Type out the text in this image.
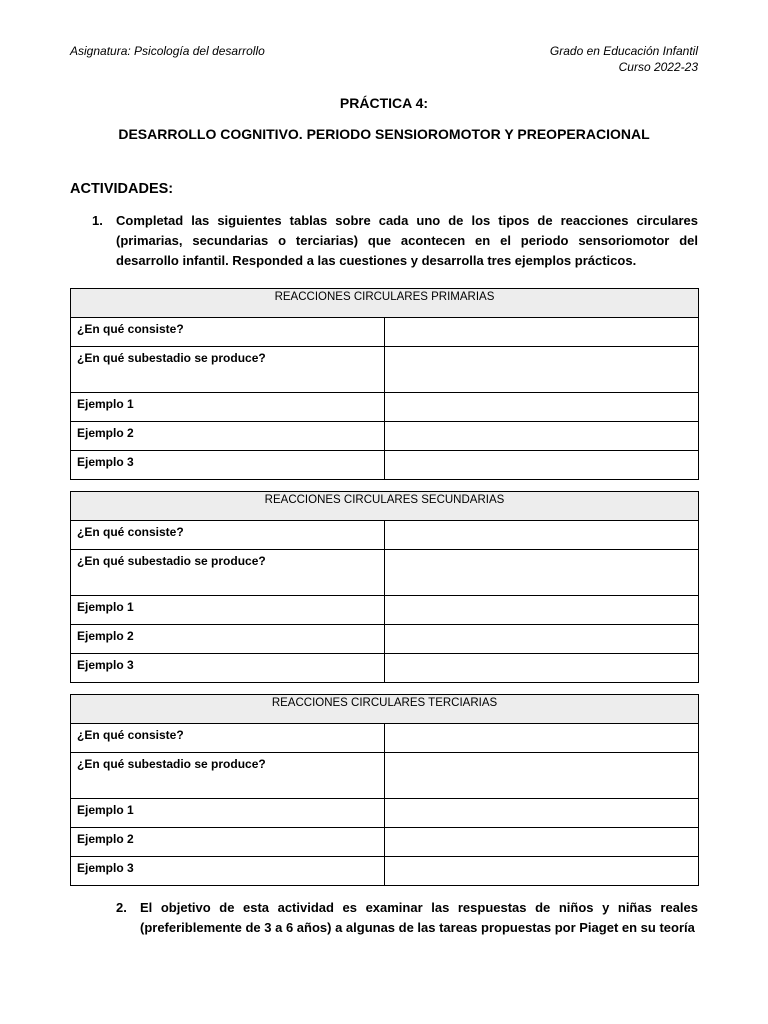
Asignatura: Psicología del desarrollo	Grado en Educación Infantil
Curso 2022-23
PRÁCTICA 4:
DESARROLLO COGNITIVO. PERIODO SENSIOROMOTOR Y PREOPERACIONAL
ACTIVIDADES:
1. Completad las siguientes tablas sobre cada uno de los tipos de reacciones circulares (primarias, secundarias o terciarias) que acontecen en el periodo sensoriomotor del desarrollo infantil. Responded a las cuestiones y desarrolla tres ejemplos prácticos.
REACCIONES CIRCULARES PRIMARIAS	
¿En qué consiste?	
¿En qué subestadio se produce?	
Ejemplo 1	
Ejemplo 2	
Ejemplo 3	
REACCIONES CIRCULARES SECUNDARIAS	
¿En qué consiste?	
¿En qué subestadio se produce?	
Ejemplo 1	
Ejemplo 2	
Ejemplo 3	
REACCIONES CIRCULARES TERCIARIAS	
¿En qué consiste?	
¿En qué subestadio se produce?	
Ejemplo 1	
Ejemplo 2	
Ejemplo 3	
2. El objetivo de esta actividad es examinar las respuestas de niños y niñas reales (preferiblemente de 3 a 6 años) a algunas de las tareas propuestas por Piaget en su teoría
